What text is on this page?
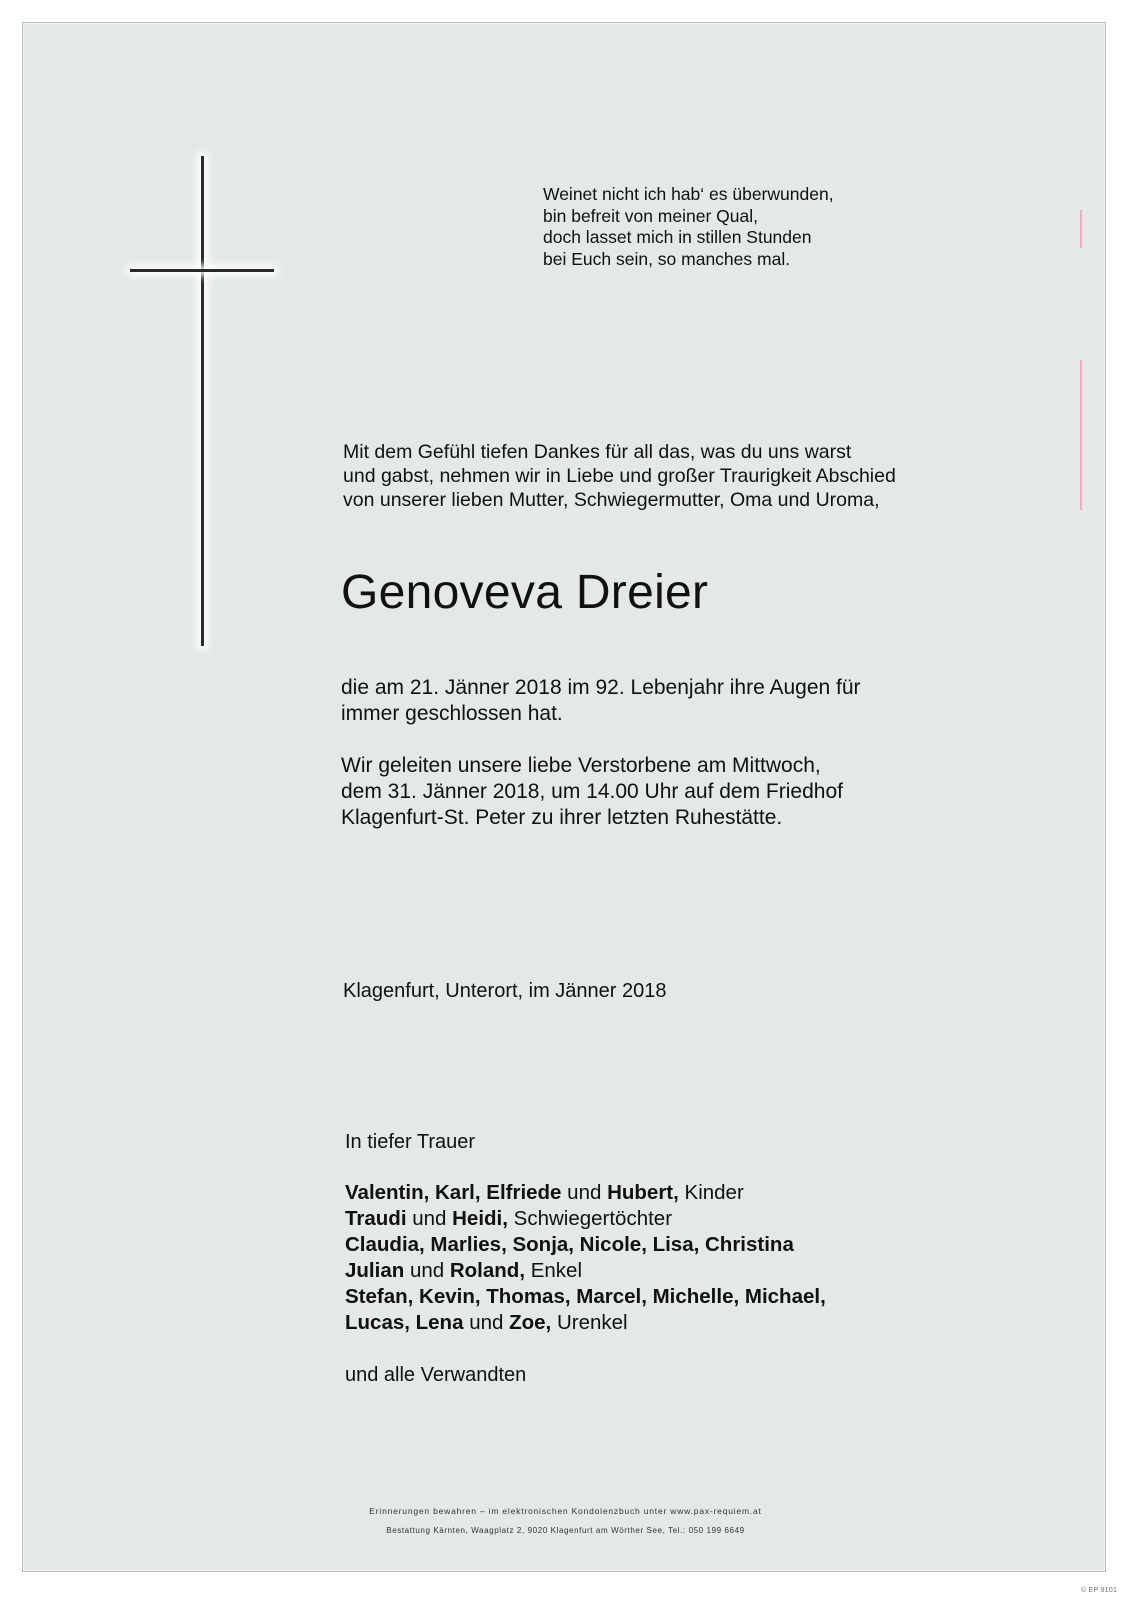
Weinet nicht ich hab‘ es überwunden,
bin befreit von meiner Qual,
doch lasset mich in stillen Stunden
bei Euch sein, so manches mal.
Mit dem Gefühl tiefen Dankes für all das, was du uns warst
und gabst, nehmen wir in Liebe und großer Traurigkeit Abschied
von unserer lieben Mutter, Schwiegermutter, Oma und Uroma,
Genoveva Dreier
die am 21. Jänner 2018 im 92. Lebenjahr ihre Augen für
immer geschlossen hat.
Wir geleiten unsere liebe Verstorbene am Mittwoch,
dem 31. Jänner 2018, um 14.00 Uhr auf dem Friedhof
Klagenfurt-St. Peter zu ihrer letzten Ruhestätte.
Klagenfurt, Unterort, im Jänner 2018
In tiefer Trauer
Valentin, Karl, Elfriede und Hubert, Kinder
Traudi und Heidi, Schwiegertöchter
Claudia, Marlies, Sonja, Nicole, Lisa, Christina
Julian und Roland, Enkel
Stefan, Kevin, Thomas, Marcel, Michelle, Michael,
Lucas, Lena und Zoe, Urenkel
und alle Verwandten
Erinnerungen bewahren – im elektronischen Kondolenzbuch unter www.pax-requiem.at
Bestattung Kärnten, Waagplatz 2, 9020 Klagenfurt am Wörther See, Tel.: 050 199 6649
© EP 9101
